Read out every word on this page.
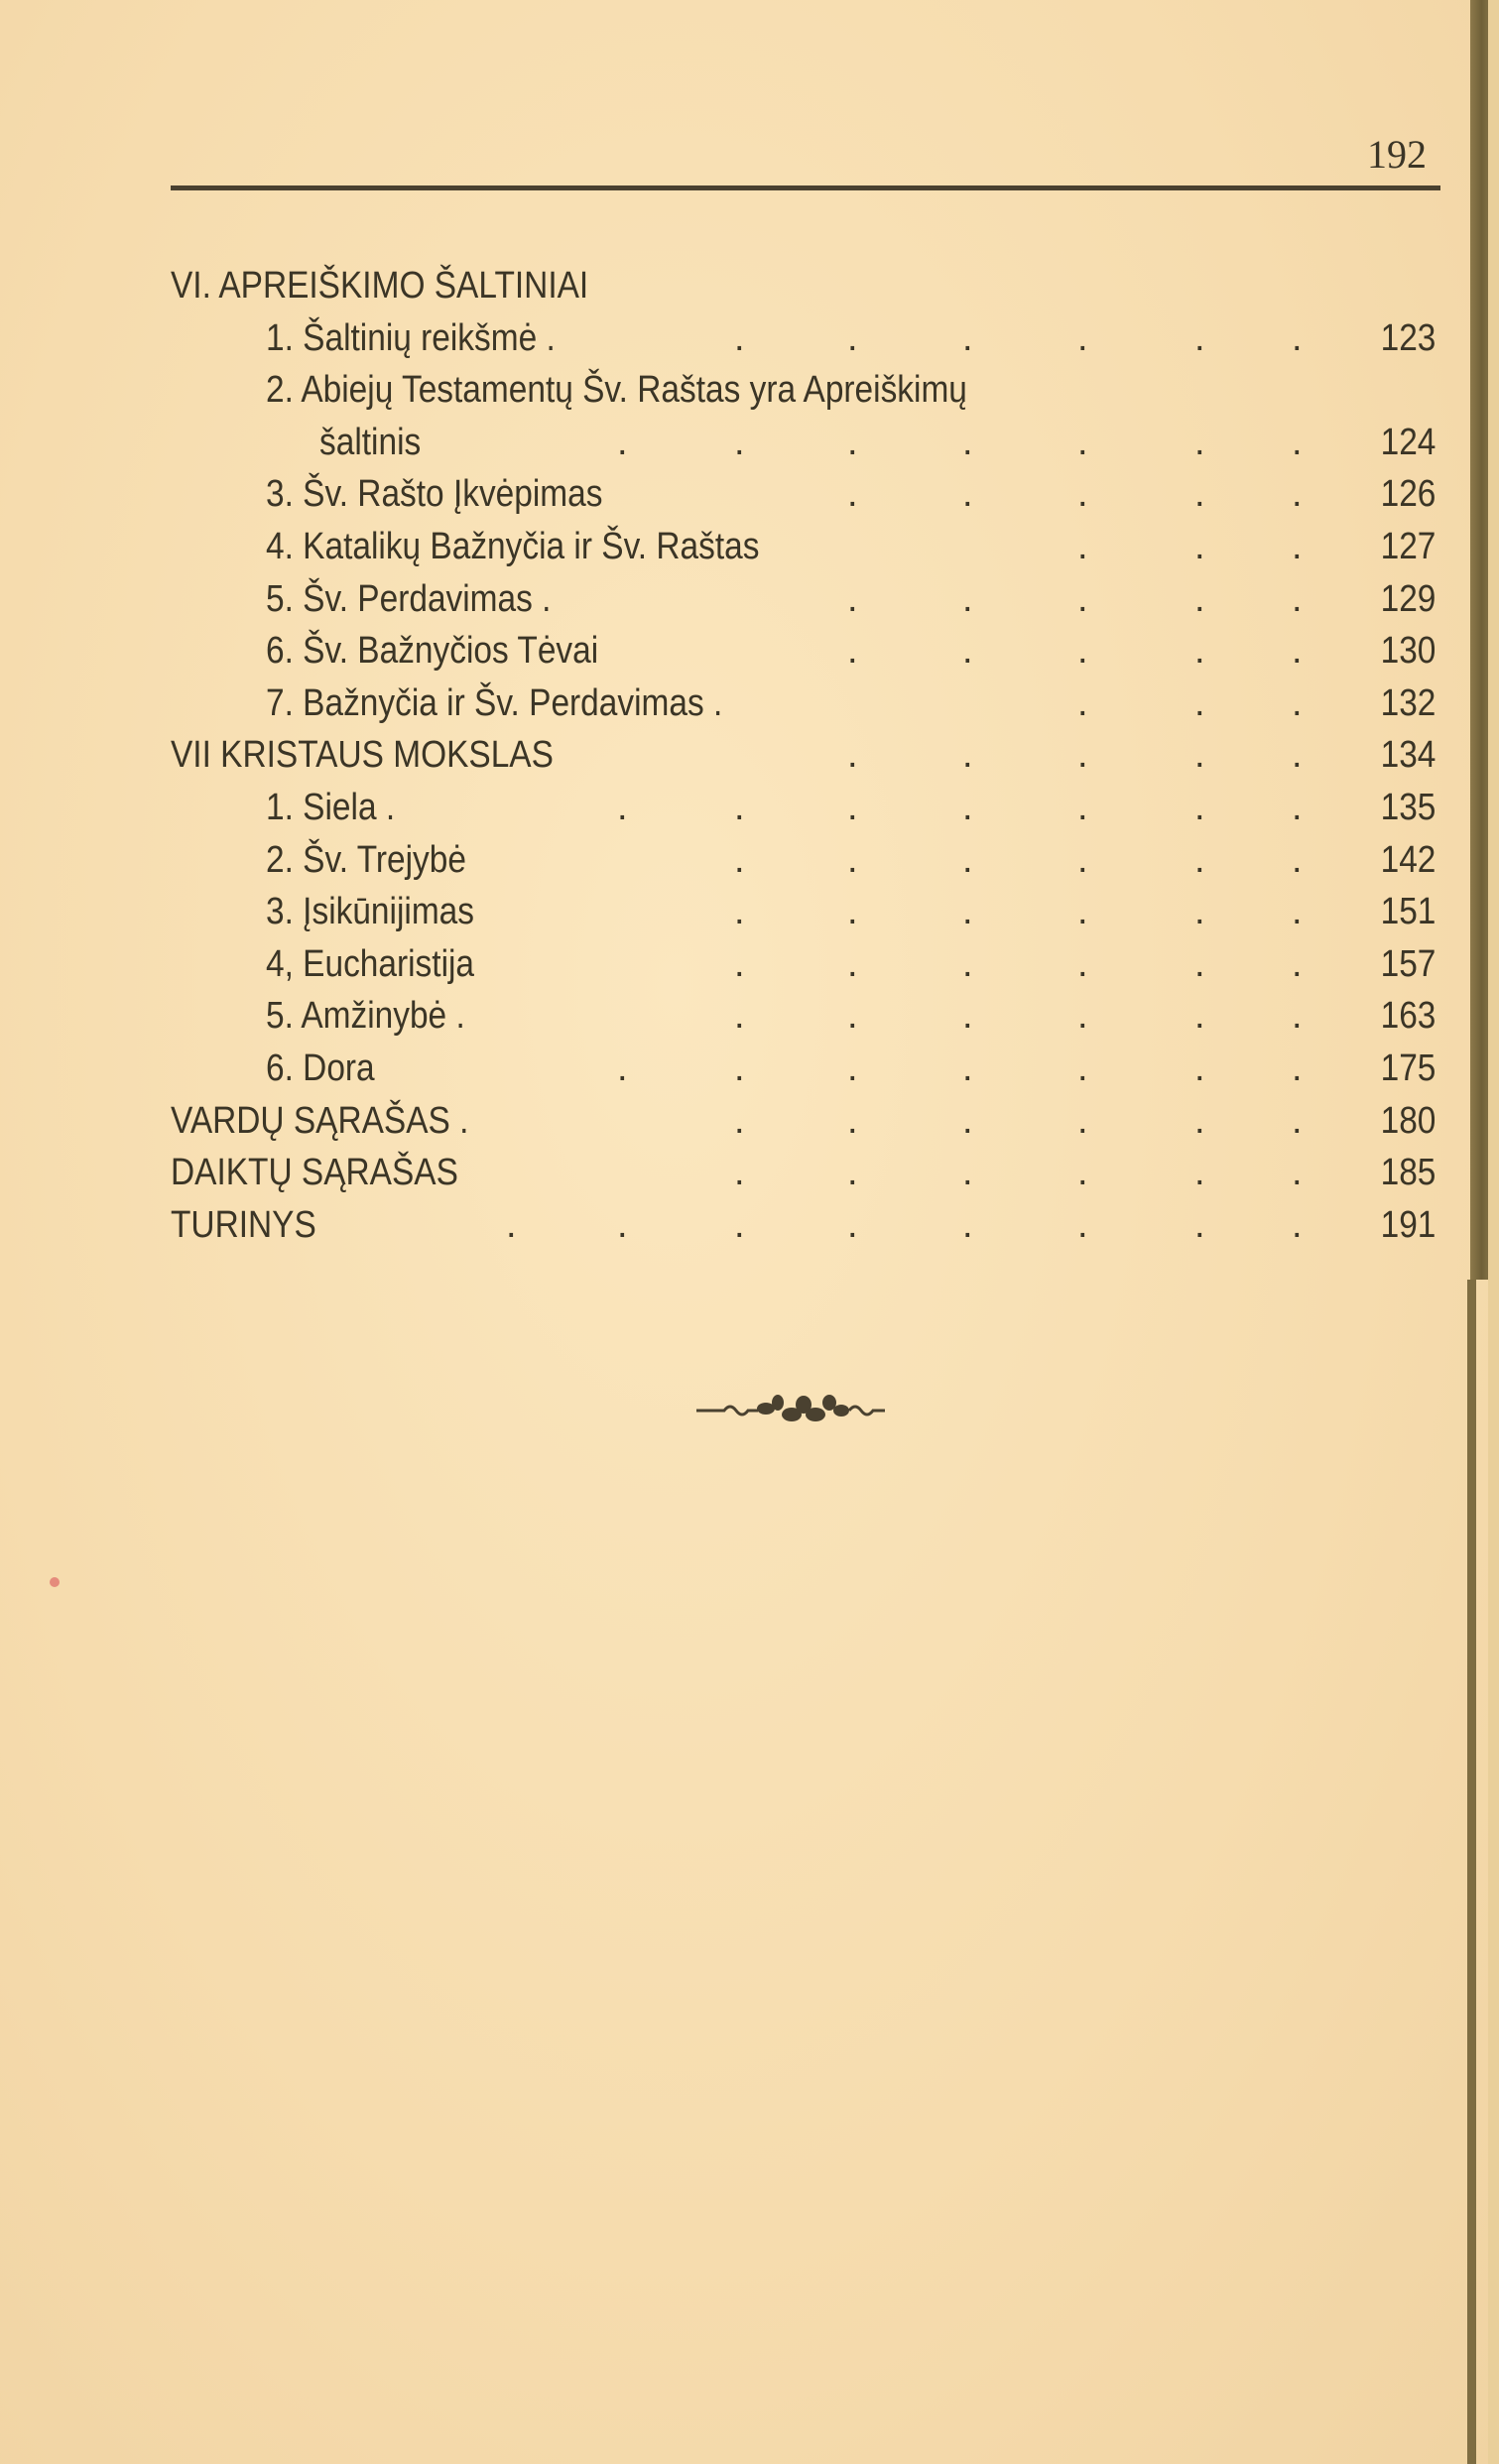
192
VI. APREIŠKIMO ŠALTINIAI
1. Šaltinių reikšmė .	.	.	.	.	. . 123
2. Abiejų Testamentų Šv. Raštas yra Apreiškimų
šaltinis	.	.	.	.	.	. . 124
3. Šv. Rašto Įkvėpimas	.	.	.	. . 126
4. Katalikų Bažnyčia ir Šv. Raštas	.	. . 127
5. Šv. Perdavimas .	.	.	.	. . 129
6. Šv. Bažnyčios Tėvai	.	.	.	. . 130
7. Bažnyčia ir Šv. Perdavimas .	.	. . 132
VII KRISTAUS MOKSLAS	.	.	.	. . 134
1. Siela .	.	.	.	.	.	. . 135
2. Šv. Trejybė	.	.	.	.	. . 142
3. Įsikūnijimas	.	.	.	.	. . 151
4, Eucharistija	.	.	.	.	. . 157
5. Amžinybė .	.	.	.	.	. . 163
6. Dora	.	.	.	.	.	. . 175
VARDŲ SĄRAŠAS .	.	.	.	.	. . 180
DAIKTŲ SĄRAŠAS	.	.	.	.	. . 185
TURINYS	.	.	.	.	.	.	. . 191
